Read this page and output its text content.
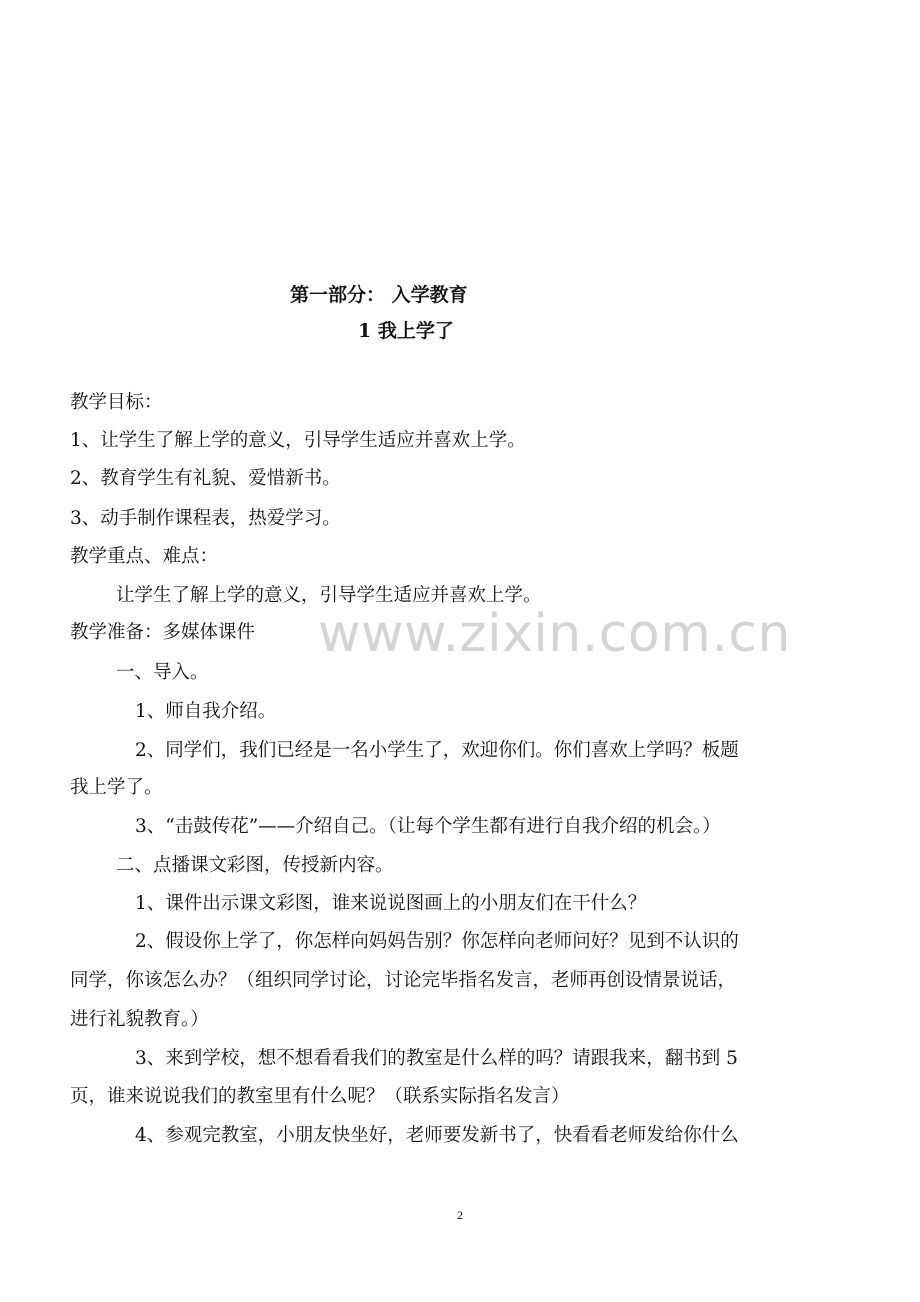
www.zixin.com.cn
第一部分： 入学教育
1 我上学了
教学目标：
1、让学生了解上学的意义，引导学生适应并喜欢上学。
2、教育学生有礼貌、爱惜新书。
3、动手制作课程表，热爱学习。
教学重点、难点：
让学生了解上学的意义，引导学生适应并喜欢上学。
教学准备：多媒体课件
一、导入。
1、师自我介绍。
2、同学们，我们已经是一名小学生了，欢迎你们。你们喜欢上学吗？板题
我上学了。
3、“击鼓传花”——介绍自己。（让每个学生都有进行自我介绍的机会。）
二、点播课文彩图，传授新内容。
1、课件出示课文彩图，谁来说说图画上的小朋友们在干什么？
2、假设你上学了，你怎样向妈妈告别？你怎样向老师问好？见到不认识的
同学，你该怎么办？（组织同学讨论，讨论完毕指名发言，老师再创设情景说话，
进行礼貌教育。）
3、来到学校，想不想看看我们的教室是什么样的吗？请跟我来，翻书到 5
页，谁来说说我们的教室里有什么呢？（联系实际指名发言）
4、参观完教室，小朋友快坐好，老师要发新书了，快看看老师发给你什么
2
